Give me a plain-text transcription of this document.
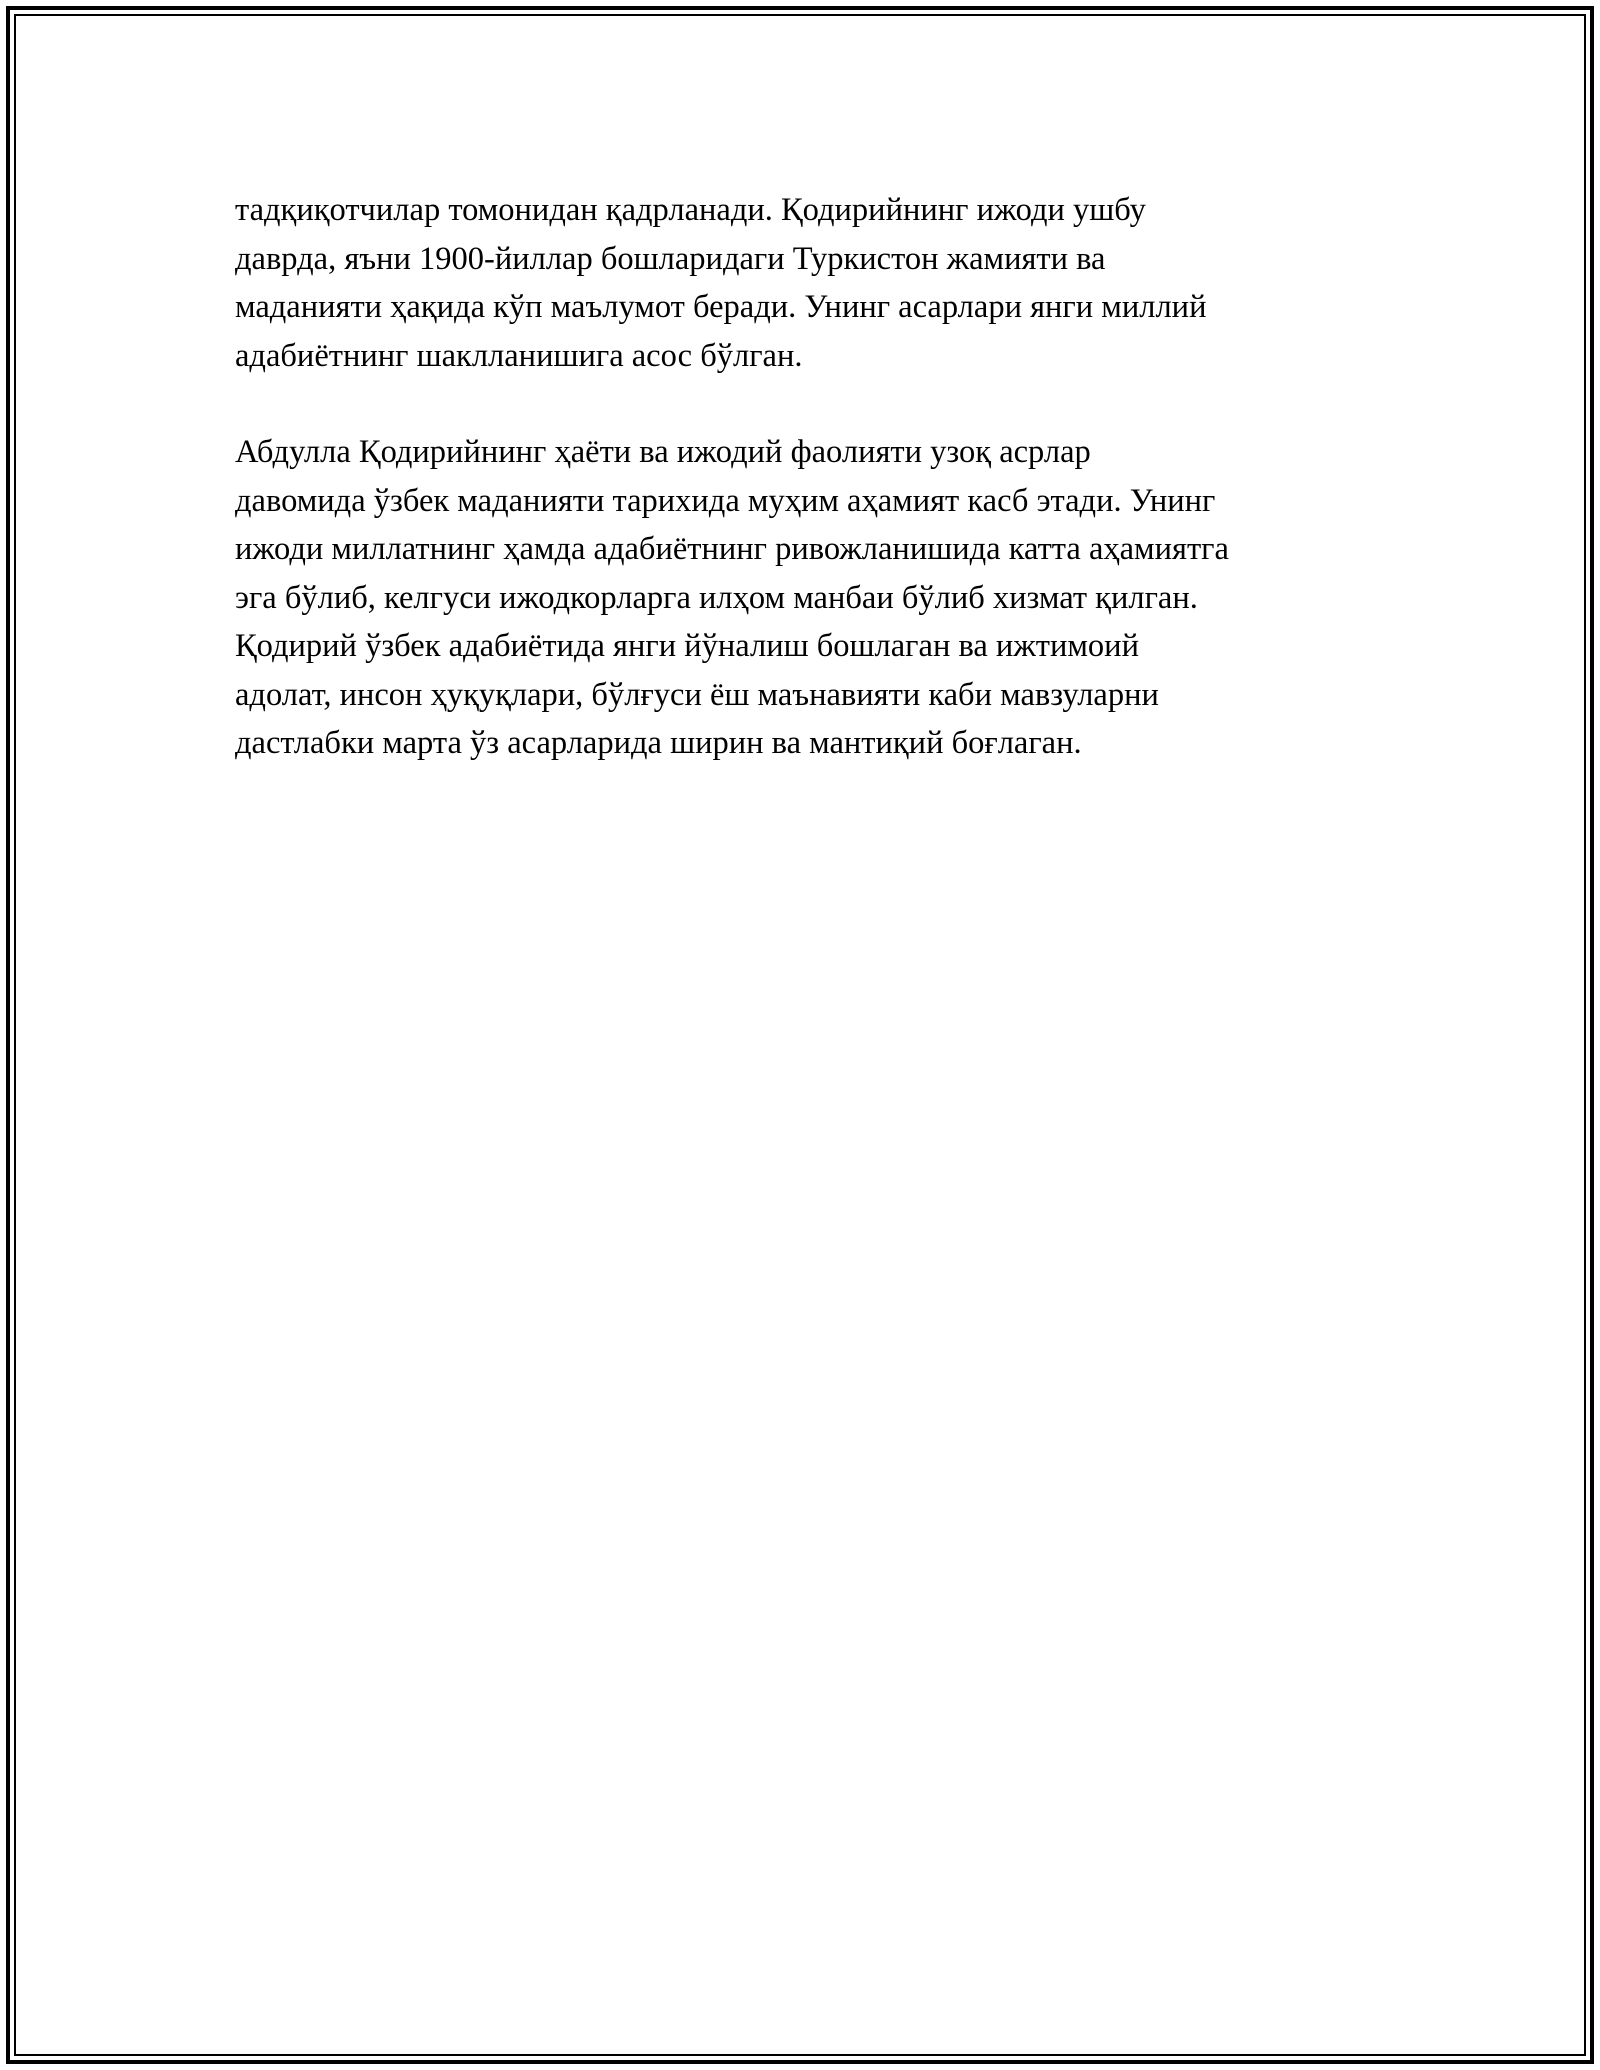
тадқиқотчилар томонидан қадрланади. Қодирийнинг ижоди ушбу
даврда, яъни 1900-йиллар бошларидаги Туркистон жамияти ва
маданияти ҳақида кўп маълумот беради. Унинг асарлари янги миллий
адабиётнинг шаклланишига асос бўлган.
Абдулла Қодирийнинг ҳаёти ва ижодий фаолияти узоқ асрлар
давомида ўзбек маданияти тарихида муҳим аҳамият касб этади. Унинг
ижоди миллатнинг ҳамда адабиётнинг ривожланишида катта аҳамиятга
эга бўлиб, келгуси ижодкорларга илҳом манбаи бўлиб хизмат қилган.
Қодирий ўзбек адабиётида янги йўналиш бошлаган ва ижтимоий
адолат, инсон ҳуқуқлари, бўлғуси ёш маънавияти каби мавзуларни
дастлабки марта ўз асарларида ширин ва мантиқий боғлаган.
